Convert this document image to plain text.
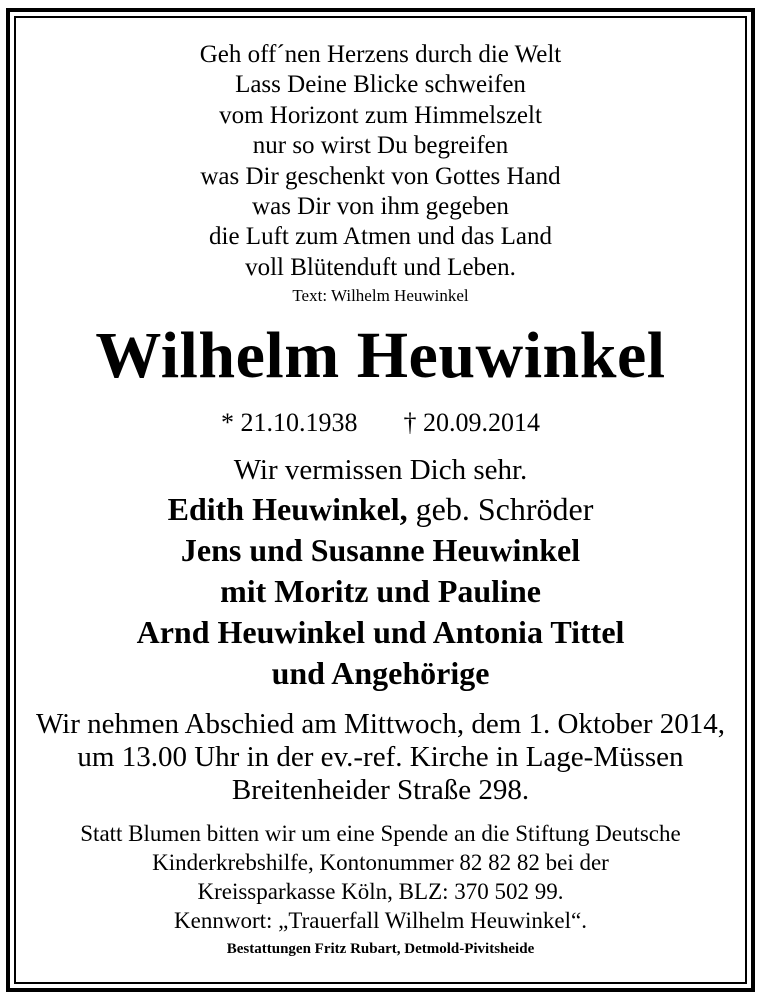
Geh off´nen Herzens durch die Welt
Lass Deine Blicke schweifen
vom Horizont zum Himmelszelt
nur so wirst Du begreifen
was Dir geschenkt von Gottes Hand
was Dir von ihm gegeben
die Luft zum Atmen und das Land
voll Blütenduft und Leben.
Text: Wilhelm Heuwinkel
Wilhelm Heuwinkel
* 21.10.1938 † 20.09.2014
Wir vermissen Dich sehr.
Edith Heuwinkel, geb. Schröder
Jens und Susanne Heuwinkel
mit Moritz und Pauline
Arnd Heuwinkel und Antonia Tittel
und Angehörige
Wir nehmen Abschied am Mittwoch, dem 1. Oktober 2014,
um 13.00 Uhr in der ev.-ref. Kirche in Lage-Müssen
Breitenheider Straße 298.
Statt Blumen bitten wir um eine Spende an die Stiftung Deutsche
Kinderkrebshilfe, Kontonummer 82 82 82 bei der
Kreissparkasse Köln, BLZ: 370 502 99.
Kennwort: „Trauerfall Wilhelm Heuwinkel“.
Bestattungen Fritz Rubart, Detmold-Pivitsheide
